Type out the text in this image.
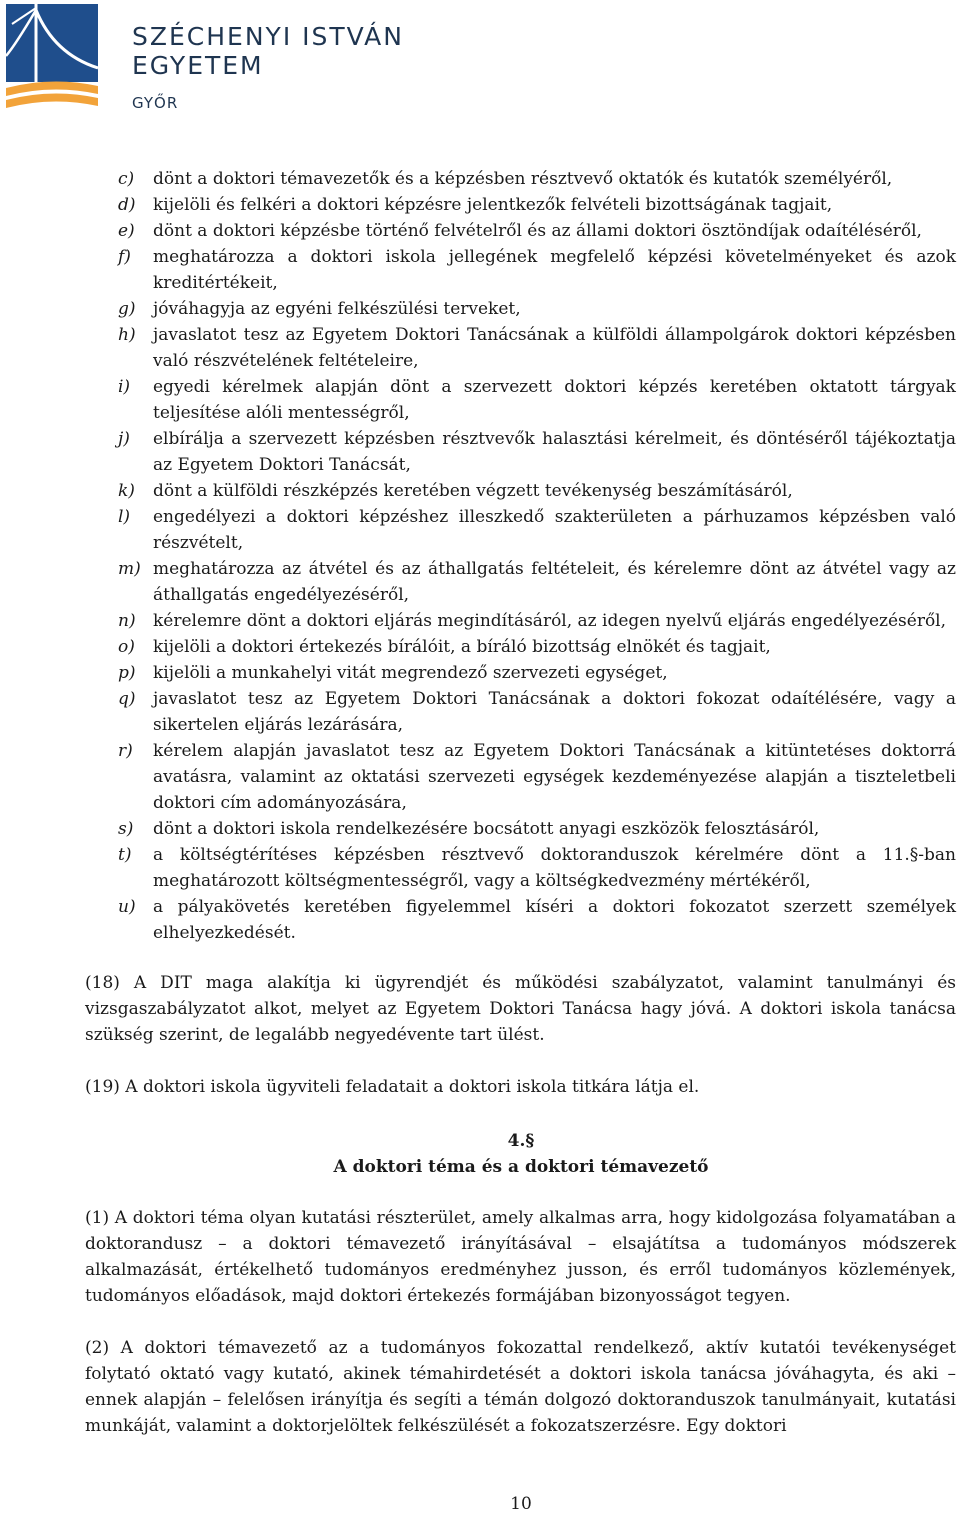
SZÉCHENYI ISTVÁN
EGYETEM
GYŐR
c) dönt a doktori témavezetők és a képzésben résztvevő oktatók és kutatók személyéről,
d) kijelöli és felkéri a doktori képzésre jelentkezők felvételi bizottságának tagjait,
e) dönt a doktori képzésbe történő felvételről és az állami doktori ösztöndíjak odaítéléséről,
f) meghatározza a doktori iskola jellegének megfelelő képzési követelményeket és azok kreditértékeit,
g) jóváhagyja az egyéni felkészülési terveket,
h) javaslatot tesz az Egyetem Doktori Tanácsának a külföldi állampolgárok doktori képzésben való részvételének feltételeire,
i) egyedi kérelmek alapján dönt a szervezett doktori képzés keretében oktatott tárgyak teljesítése alóli mentességről,
j) elbírálja a szervezett képzésben résztvevők halasztási kérelmeit, és döntéséről tájékoztatja az Egyetem Doktori Tanácsát,
k) dönt a külföldi részképzés keretében végzett tevékenység beszámításáról,
l) engedélyezi a doktori képzéshez illeszkedő szakterületen a párhuzamos képzésben való részvételt,
m) meghatározza az átvétel és az áthallgatás feltételeit, és kérelemre dönt az átvétel vagy az áthallgatás engedélyezéséről,
n) kérelemre dönt a doktori eljárás megindításáról, az idegen nyelvű eljárás engedélyezéséről,
o) kijelöli a doktori értekezés bírálóit, a bíráló bizottság elnökét és tagjait,
p) kijelöli a munkahelyi vitát megrendező szervezeti egységet,
q) javaslatot tesz az Egyetem Doktori Tanácsának a doktori fokozat odaítélésére, vagy a sikertelen eljárás lezárására,
r) kérelem alapján javaslatot tesz az Egyetem Doktori Tanácsának a kitüntetéses doktorrá avatásra, valamint az oktatási szervezeti egységek kezdeményezése alapján a tiszteletbeli doktori cím adományozására,
s) dönt a doktori iskola rendelkezésére bocsátott anyagi eszközök felosztásáról,
t) a költségtérítéses képzésben résztvevő doktoranduszok kérelmére dönt a 11.§-ban meghatározott költségmentességről, vagy a költségkedvezmény mértékéről,
u) a pályakövetés keretében figyelemmel kíséri a doktori fokozatot szerzett személyek elhelyezkedését.

(18) A DIT maga alakítja ki ügyrendjét és működési szabályzatot, valamint tanulmányi és vizsgaszabályzatot alkot, melyet az Egyetem Doktori Tanácsa hagy jóvá. A doktori iskola tanácsa szükség szerint, de legalább negyedévente tart ülést.

(19) A doktori iskola ügyviteli feladatait a doktori iskola titkára látja el.

4.§
A doktori téma és a doktori témavezető

(1) A doktori téma olyan kutatási részterület, amely alkalmas arra, hogy kidolgozása folyamatában a doktorandusz – a doktori témavezető irányításával – elsajátítsa a tudományos módszerek alkalmazását, értékelhető tudományos eredményhez jusson, és erről tudományos közlemények, tudományos előadások, majd doktori értekezés formájában bizonyosságot tegyen.

(2) A doktori témavezető az a tudományos fokozattal rendelkező, aktív kutatói tevékenységet folytató oktató vagy kutató, akinek témahirdetését a doktori iskola tanácsa jóváhagyta, és aki – ennek alapján – felelősen irányítja és segíti a témán dolgozó doktoranduszok tanulmányait, kutatási munkáját, valamint a doktorjelöltek felkészülését a fokozatszerzésre. Egy doktori

10
